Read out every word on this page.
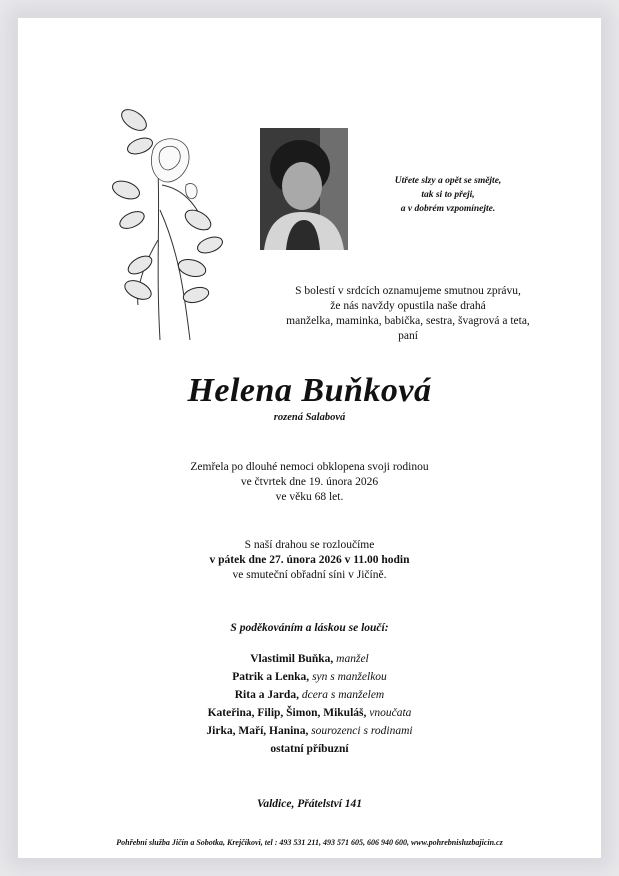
Utřete slzy a opět se smějte,
tak si to přeji,
a v dobrém vzpomínejte.
S bolestí v srdcích oznamujeme smutnou zprávu,
že nás navždy opustila naše drahá
manželka, maminka, babička, sestra, švagrová a teta,
paní
Helena Buňková
rozená Salabová
Zemřela po dlouhé nemoci obklopena svoji rodinou
ve čtvrtek dne 19. února 2026
ve věku 68 let.
S naší drahou se rozloučíme
v pátek dne 27. února 2026 v 11.00 hodin
ve smuteční obřadní síni v Jičíně.
S poděkováním a láskou se loučí:
Vlastimil Buňka, manžel
Patrik a Lenka, syn s manželkou
Rita a Jarda, dcera s manželem
Kateřina, Filip, Šimon, Mikuláš, vnoučata
Jirka, Maří, Hanina, sourozenci s rodinami
ostatní příbuzní
Valdice, Přátelství 141
Pohřební služba Jičín a Sobotka, Krejčíkovi, tel : 493 531 211, 493 571 605, 606 940 600, www.pohrebnisluzbajicin.cz
